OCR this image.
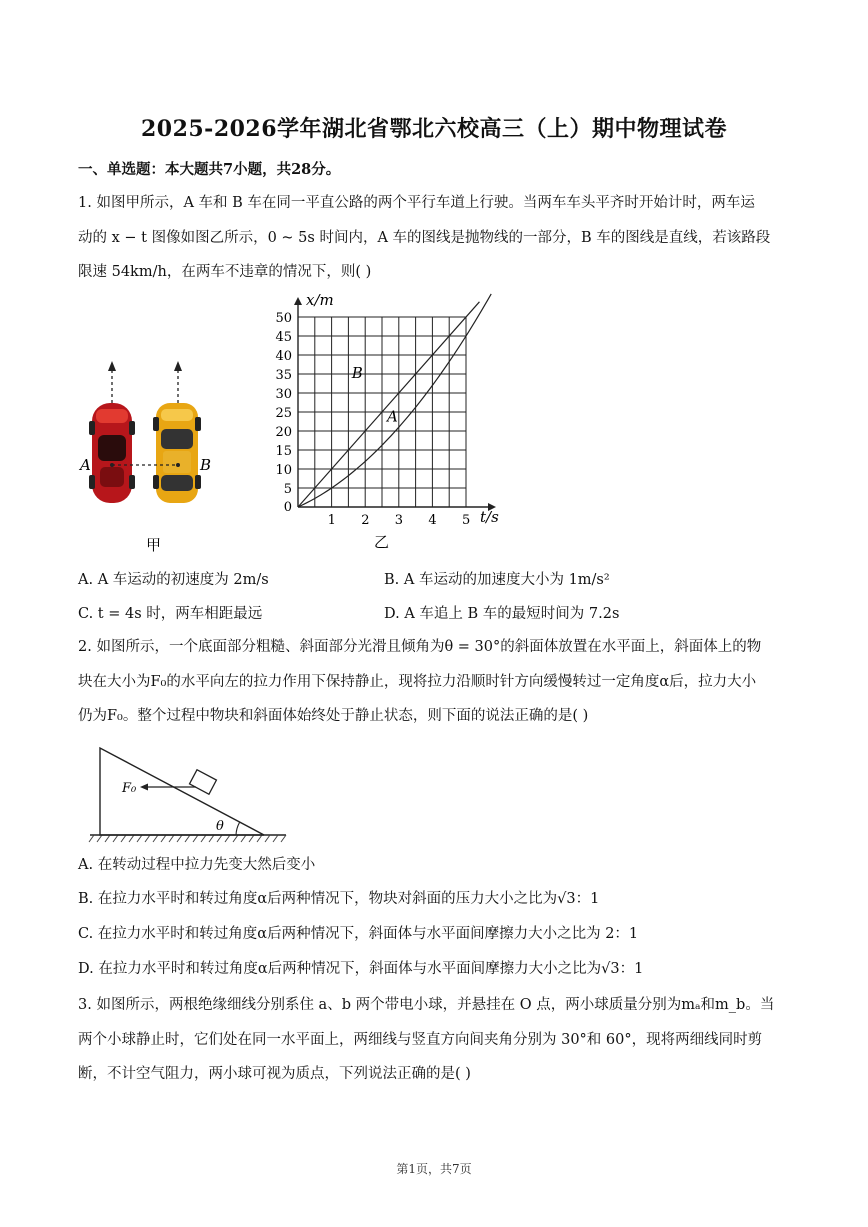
2025-2026学年湖北省鄂北六校高三（上）期中物理试卷
一、单选题：本大题共7小题，共28分。
1. 如图甲所示，A 车和 B 车在同一平直公路的两个平行车道上行驶。当两车车头平齐时开始计时，两车运
动的 x − t 图像如图乙所示，0 ~ 5s 时间内，A 车的图线是抛物线的一部分，B 车的图线是直线，若该路段
限速 54km/h，在两车不违章的情况下，则( )
A	B
甲
1 2 3 4 5
0
5
10
15
20
25
30
35
40
45
50
B
A
t/s
x/m
乙
A. A 车运动的初速度为 2m/s	B. A 车运动的加速度大小为 1m/s²
C. t = 4s 时，两车相距最远	D. A 车追上 B 车的最短时间为 7.2s
2. 如图所示，一个底面部分粗糙、斜面部分光滑且倾角为θ = 30°的斜面体放置在水平面上，斜面体上的物
块在大小为F₀的水平向左的拉力作用下保持静止，现将拉力沿顺时针方向缓慢转过一定角度α后，拉力大小
仍为F₀。整个过程中物块和斜面体始终处于静止状态，则下面的说法正确的是( )
F₀
θ
A. 在转动过程中拉力先变大然后变小
B. 在拉力水平时和转过角度α后两种情况下，物块对斜面的压力大小之比为√3：1
C. 在拉力水平时和转过角度α后两种情况下，斜面体与水平面间摩擦力大小之比为 2：1
D. 在拉力水平时和转过角度α后两种情况下，斜面体与水平面间摩擦力大小之比为√3：1
3. 如图所示，两根绝缘细线分别系住 a、b 两个带电小球，并悬挂在 O 点，两小球质量分别为mₐ和m_b。当
两个小球静止时，它们处在同一水平面上，两细线与竖直方向间夹角分别为 30°和 60°，现将两细线同时剪
断，不计空气阻力，两小球可视为质点，下列说法正确的是( )
第1页，共7页
